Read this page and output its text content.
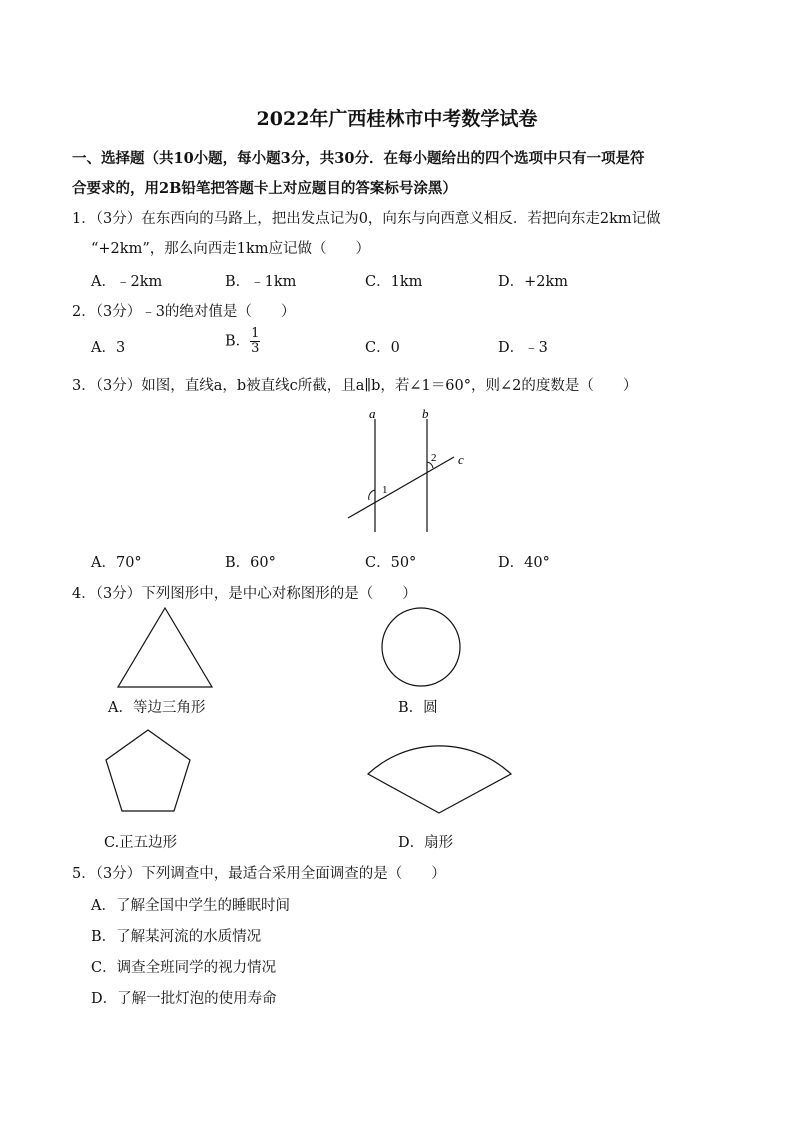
2022年广西桂林市中考数学试卷
一、选择题（共10小题，每小题3分，共30分．在每小题给出的四个选项中只有一项是符
合要求的，用2B铅笔把答题卡上对应题目的答案标号涂黑）
1．（3分）在东西向的马路上，把出发点记为0，向东与向西意义相反．若把向东走2km记做
“+2km”，那么向西走1km应记做（　　）
A．﹣2km	B．﹣1km	C．1km	D．+2km
2．（3分）﹣3的绝对值是（　　）
A．3	B． $\frac{1}{3}$	C．0	D．﹣3
3．（3分）如图，直线a，b被直线c所截，且a∥b，若∠1＝60°，则∠2的度数是（　　）
a	b
c
1
2
A．70°	B．60°	C．50°	D．40°
4．（3分）下列图形中，是中心对称图形的是（　　）
A．等边三角形	B．圆
C.正五边形	D．扇形
5．（3分）下列调查中，最适合采用全面调查的是（　　）
A．了解全国中学生的睡眠时间
B．了解某河流的水质情况
C．调查全班同学的视力情况
D．了解一批灯泡的使用寿命
